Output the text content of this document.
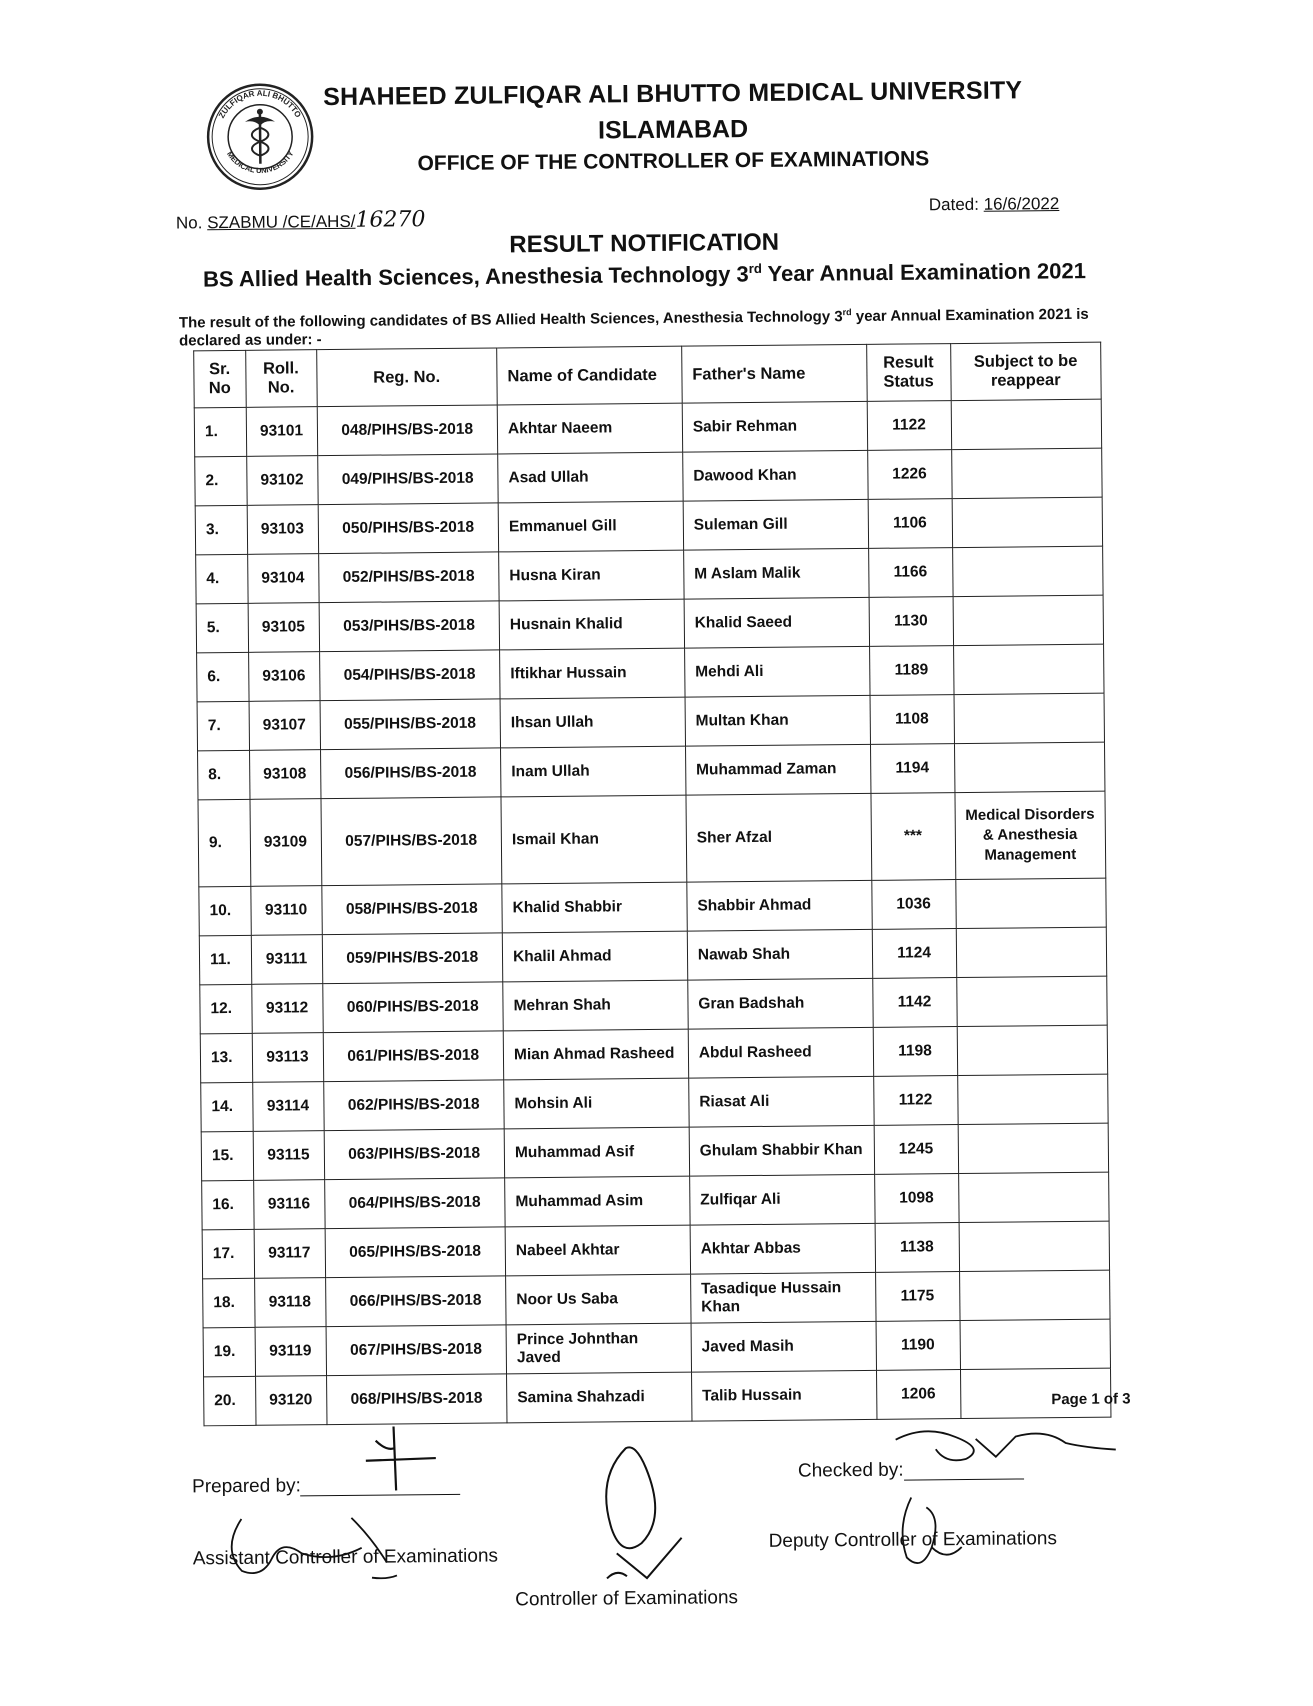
ZULFIQAR ALI BHUTTO
MEDICAL UNIVERSITY
SHAHEED ZULFIQAR ALI BHUTTO MEDICAL UNIVERSITY
ISLAMABAD
OFFICE OF THE CONTROLLER OF EXAMINATIONS
No. SZABMU /CE/AHS/16270
Dated: 16/6/2022
RESULT NOTIFICATION
BS Allied Health Sciences, Anesthesia Technology 3rd Year Annual Examination 2021
The result of the following candidates of BS Allied Health Sciences, Anesthesia Technology 3rd year Annual Examination 2021 is declared as under: -
Sr. No	Roll. No.	Reg. No.	Name of Candidate	Father's Name	Result Status	Subject to be reappear
1.	93101	048/PIHS/BS-2018	Akhtar Naeem	Sabir Rehman	1122	
2.	93102	049/PIHS/BS-2018	Asad Ullah	Dawood Khan	1226	
3.	93103	050/PIHS/BS-2018	Emmanuel Gill	Suleman Gill	1106	
4.	93104	052/PIHS/BS-2018	Husna Kiran	M Aslam Malik	1166	
5.	93105	053/PIHS/BS-2018	Husnain Khalid	Khalid Saeed	1130	
6.	93106	054/PIHS/BS-2018	Iftikhar Hussain	Mehdi Ali	1189	
7.	93107	055/PIHS/BS-2018	Ihsan Ullah	Multan Khan	1108	
8.	93108	056/PIHS/BS-2018	Inam Ullah	Muhammad Zaman	1194	
9.	93109	057/PIHS/BS-2018	Ismail Khan	Sher Afzal	***	Medical Disorders & Anesthesia Management
10.	93110	058/PIHS/BS-2018	Khalid Shabbir	Shabbir Ahmad	1036	
11.	93111	059/PIHS/BS-2018	Khalil Ahmad	Nawab Shah	1124	
12.	93112	060/PIHS/BS-2018	Mehran Shah	Gran Badshah	1142	
13.	93113	061/PIHS/BS-2018	Mian Ahmad Rasheed	Abdul Rasheed	1198	
14.	93114	062/PIHS/BS-2018	Mohsin Ali	Riasat Ali	1122	
15.	93115	063/PIHS/BS-2018	Muhammad Asif	Ghulam Shabbir Khan	1245	
16.	93116	064/PIHS/BS-2018	Muhammad Asim	Zulfiqar Ali	1098	
17.	93117	065/PIHS/BS-2018	Nabeel Akhtar	Akhtar Abbas	1138	
18.	93118	066/PIHS/BS-2018	Noor Us Saba	Tasadique Hussain Khan	1175	
19.	93119	067/PIHS/BS-2018	Prince Johnthan Javed	Javed Masih	1190	
20.	93120	068/PIHS/BS-2018	Samina Shahzadi	Talib Hussain	1206		Page 1 of 3
Prepared by:
Assistant Controller of Examinations
Controller of Examinations
Checked by:
Deputy Controller of Examinations
